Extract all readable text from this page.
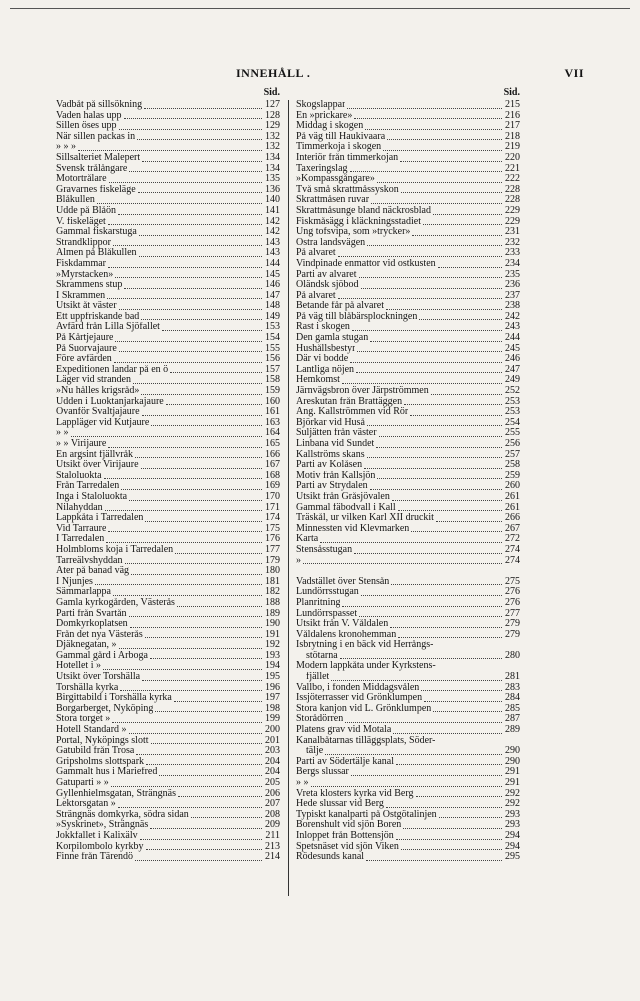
INNEHÅLL .	VII
Sid.
Vadbåt på sillsökning	127
Vaden halas upp	128
Sillen öses upp	129
När sillen packas in	132
» » »	132
Sillsalteriet Malepert	134
Svensk trålångare	134
Motortrålare	135
Gravarnes fiskeläge	136
Blåkullen	140
Udde på Blåön	141
V. fiskeläget	142
Gammal fiskarstuga	142
Strandklippor	143
Almen på Blåkullen	143
Fiskdammar	144
»Myrstacken»	145
Skrammens stup	146
I Skrammen	147
Utsikt åt väster	148
Ett uppfriskande bad	149
Avfärd från Lilla Sjöfallet	153
På Kårtjejaure	154
På Suorvajaure	155
Före avfärden	156
Expeditionen landar på en ö	157
Läger vid stranden	158
»Nu hålles krigsråd»	159
Udden i Luoktanjarkajaure	160
Ovanför Svaltjajaure	161
Lappläger vid Kutjaure	163
» »	164
» » Virijaure	165
En argsint fjällvråk	166
Utsikt över Virijaure	167
Staloluokta	168
Från Tarredalen	169
Inga i Staloluokta	170
Nilahyddan	171
Lappkåta i Tarredalen	174
Vid Tarraure	175
I Tarredalen	176
Holmbloms koja i Tarredalen	177
Tarreälvshyddan	179
Åter på banad väg	180
I Njunjes	181
Sämmarlappa	182
Gamla kyrkogården, Västerås	188
Parti från Svartån	189
Domkyrkoplatsen	190
Från det nya Västerås	191
Djäknegatan, »	192
Gammal gård i Arboga	193
Hotellet i »	194
Utsikt över Torshälla	195
Torshälla kyrka	196
Birgittabild i Torshälla kyrka	197
Borgarberget, Nyköping	198
Stora torget »	199
Hotell Standard »	200
Portal, Nyköpings slott	201
Gatubild från Trosa	203
Gripsholms slottspark	204
Gammalt hus i Mariefred	204
Gatuparti » »	205
Gyllenhielmsgatan, Strängnäs	206
Lektorsgatan »	207
Strängnäs domkyrka, södra sidan	208
»Syskrinet», Strängnäs	209
Jokkfallet i Kalixälv	211
Korpilombolo kyrkby	213
Finne från Tärendö	214
Sid.
Skogslappar	215
En »prickare»	216
Middag i skogen	217
På väg till Haukivaara	218
Timmerkoja i skogen	219
Interiör från timmerkojan	220
Taxeringslag	221
»Kompassgångare»	222
Två små skrattmåssyskon	228
Skrattmåsen ruvar	228
Skrattmåsunge bland näckrosblad	229
Fiskmåsägg i kläckningsstadiet	229
Ung tofsvipa, som »trycker»	231
Östra landsvägen	232
På alvaret	233
Vindpinade enmattor vid ostkusten	234
Parti av alvaret	235
Öländsk sjöbod	236
På alvaret	237
Betande får på alvaret	238
På väg till blåbärsplockningen	242
Rast i skogen	243
Den gamla stugan	244
Hushållsbestyr	245
Där vi bodde	246
Lantliga nöjen	247
Hemkomst	249
Järnvägsbron över Järpströmmen	252
Åreskutan från Brattäggen	253
Ång. Kallströmmen vid Rör	253
Björkar vid Huså	254
Suljätten från väster	255
Linbana vid Sundet	256
Kallströms skans	257
Parti av Kolåsen	258
Motiv från Kallsjön	259
Parti av Strydalen	260
Utsikt från Gråsjövalen	261
Gammal fäbodvall i Kall	261
Träskål, ur vilken Karl XII druckit	266
Minnessten vid Klevmarken	267
Karta	272
Stensåsstugan	274
»	274
Vadstället över Stensån	275
Lundörrsstugan	276
Planritning	276
Lundörrspasset	277
Utsikt från V. Våldalen	279
Våldalens kronohemman	279
Isbrytning i en bäck vid Herrångs-
stötarna	280
Modern lappkåta under Kyrkstens-
fjället	281
Vallbo, i fonden Middagsvålen	283
Issjöterrasser vid Grönklumpen	284
Stora kanjon vid L. Grönklumpen	285
Storådörren	287
Platens grav vid Motala	289
Kanalbåtarnas tilläggsplats, Söder-
tälje	290
Parti av Södertälje kanal	290
Bergs slussar	291
» »	291
Vreta klosters kyrka vid Berg	292
Hede slussar vid Berg	292
Typiskt kanalparti på Östgötalinjen	293
Borenshult vid sjön Boren	293
Inloppet från Bottensjön	294
Spetsnäset vid sjön Viken	294
Rödesunds kanal	295
